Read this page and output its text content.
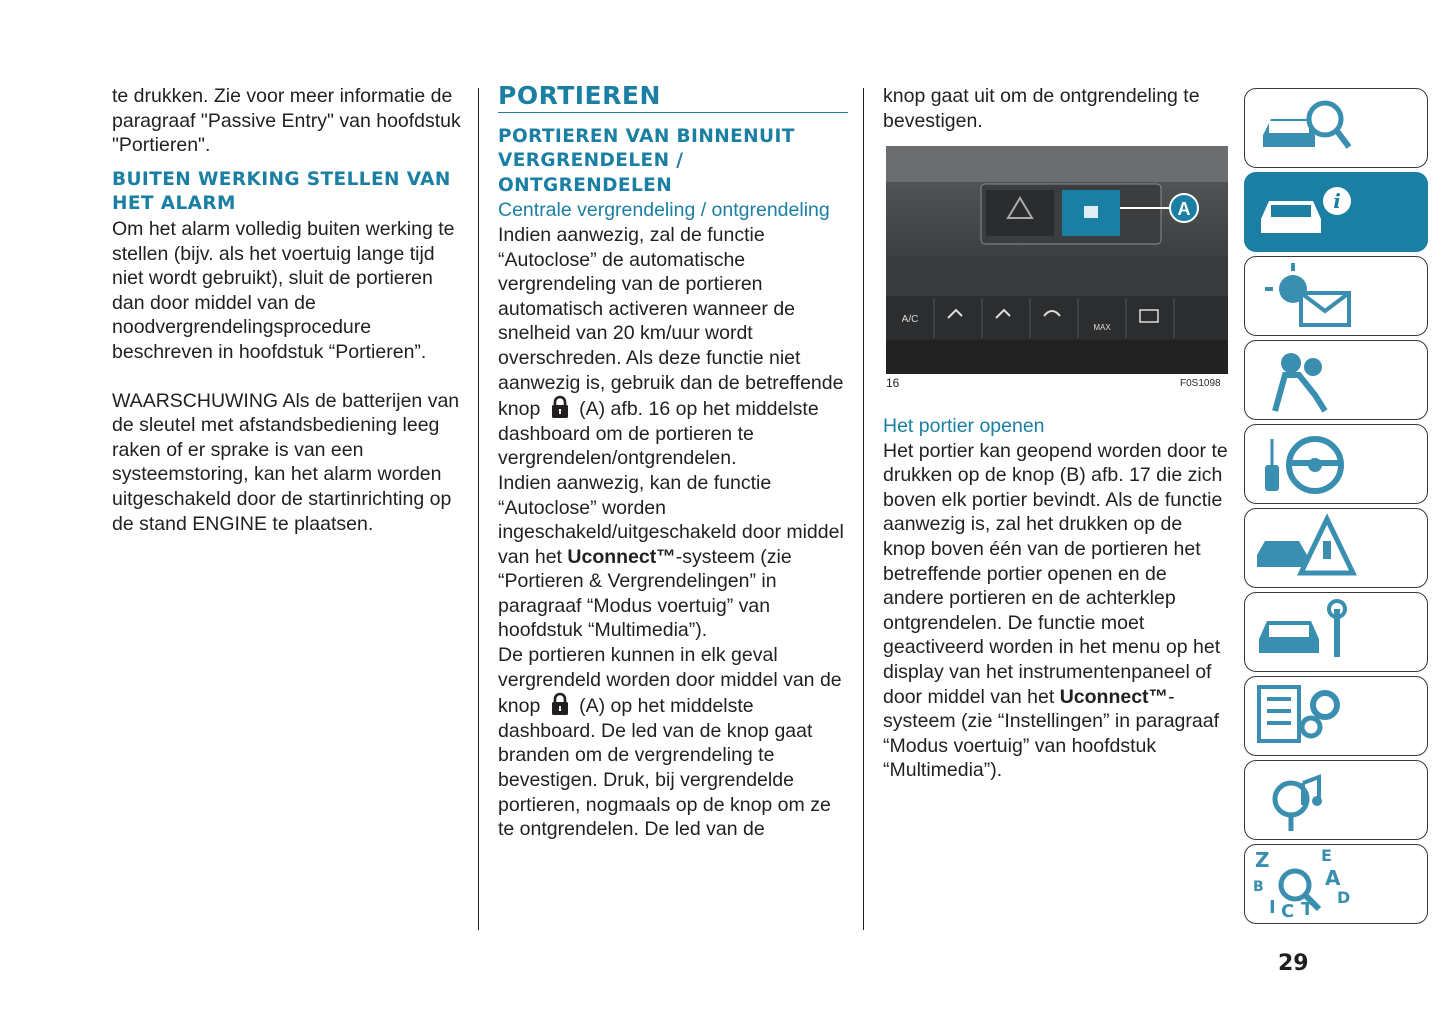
te drukken. Zie voor meer informatie de paragraaf "Passive Entry" van hoofdstuk "Portieren".

BUITEN WERKING STELLEN VAN HET ALARM

Om het alarm volledig buiten werking te stellen (bijv. als het voertuig lange tijd niet wordt gebruikt), sluit de portieren dan door middel van de noodvergrendelingsprocedure beschreven in hoofdstuk “Portieren”.

WAARSCHUWING Als de batterijen van de sleutel met afstandsbediening leeg raken of er sprake is van een systeemstoring, kan het alarm worden uitgeschakeld door de startinrichting op de stand ENGINE te plaatsen.

PORTIEREN

PORTIEREN VAN BINNENUIT VERGRENDELEN / ONTGRENDELEN

Centrale vergrendeling / ontgrendeling

Indien aanwezig, zal de functie “Autoclose” de automatische vergrendeling van de portieren automatisch activeren wanneer de snelheid van 20 km/uur wordt overschreden. Als deze functie niet aanwezig is, gebruik dan de betreffende knop (A) afb. 16 op het middelste dashboard om de portieren te vergrendelen/ontgrendelen.

Indien aanwezig, kan de functie “Autoclose” worden ingeschakeld/uitgeschakeld door middel van het Uconnect™-systeem (zie “Portieren & Vergrendelingen” in paragraaf “Modus voertuig” van hoofdstuk “Multimedia”).

De portieren kunnen in elk geval vergrendeld worden door middel van de knop (A) op het middelste dashboard. De led van de knop gaat branden om de vergrendeling te bevestigen. Druk, bij vergrendelde portieren, nogmaals op de knop om ze te ontgrendelen. De led van de

knop gaat uit om de ontgrendeling te bevestigen.

A
A/C
MAX
16	F0S1098

Het portier openen

Het portier kan geopend worden door te drukken op de knop (B) afb. 17 die zich boven elk portier bevindt. Als de functie aanwezig is, zal het drukken op de knop boven één van de portieren het betreffende portier openen en de andere portieren en de achterklep ontgrendelen. De functie moet geactiveerd worden in het menu op het display van het instrumentenpaneel of door middel van het Uconnect™-systeem (zie “Instellingen” in paragraaf “Modus voertuig” van hoofdstuk “Multimedia”).

i
Z	E
A
B
D
I C T
29
